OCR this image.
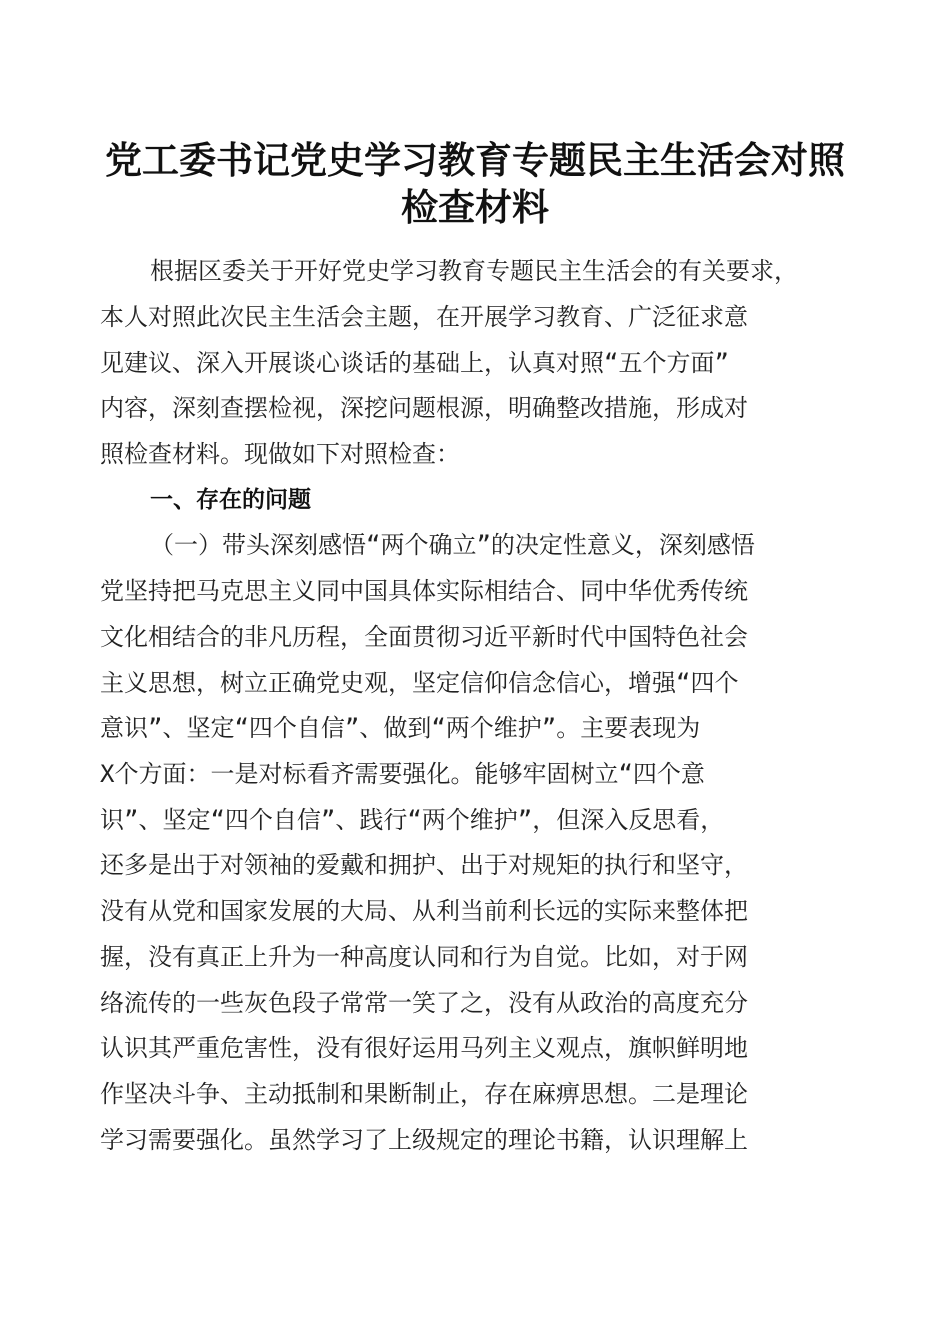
党工委书记党史学习教育专题民主生活会对照
检查材料

根据区委关于开好党史学习教育专题民主生活会的有关要求，

本人对照此次民主生活会主题，在开展学习教育、广泛征求意

见建议、深入开展谈心谈话的基础上，认真对照“五个方面”

内容，深刻查摆检视，深挖问题根源，明确整改措施，形成对

照检查材料。现做如下对照检查：

一、存在的问题

（一）带头深刻感悟“两个确立”的决定性意义，深刻感悟

党坚持把马克思主义同中国具体实际相结合、同中华优秀传统

文化相结合的非凡历程，全面贯彻习近平新时代中国特色社会

主义思想，树立正确党史观，坚定信仰信念信心，增强“四个

意识”、坚定“四个自信”、做到“两个维护”。主要表现为

X个方面：一是对标看齐需要强化。能够牢固树立“四个意

识”、坚定“四个自信”、践行“两个维护”，但深入反思看，

还多是出于对领袖的爱戴和拥护、出于对规矩的执行和坚守，

没有从党和国家发展的大局、从利当前利长远的实际来整体把

握，没有真正上升为一种高度认同和行为自觉。比如，对于网

络流传的一些灰色段子常常一笑了之，没有从政治的高度充分

认识其严重危害性，没有很好运用马列主义观点，旗帜鲜明地

作坚决斗争、主动抵制和果断制止，存在麻痹思想。二是理论

学习需要强化。虽然学习了上级规定的理论书籍，认识理解上
